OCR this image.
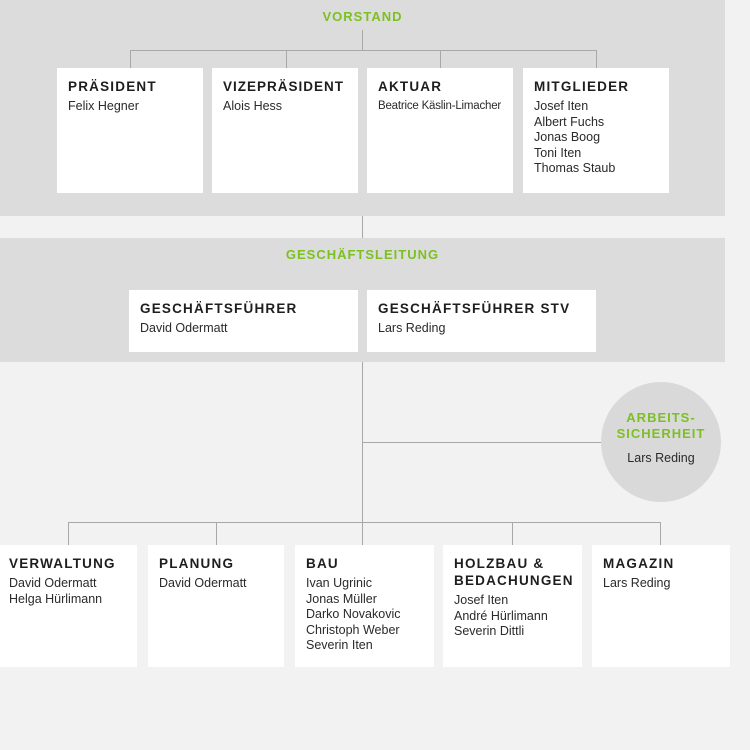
VORSTAND
GESCHÄFTSLEITUNG
PRÄSIDENT
Felix Hegner
VIZEPRÄSIDENT
Alois Hess
AKTUAR
Beatrice Käslin-Limacher
MITGLIEDER
Josef Iten
Albert Fuchs
Jonas Boog
Toni Iten
Thomas Staub
GESCHÄFTSFÜHRER
David Odermatt
GESCHÄFTSFÜHRER STV
Lars Reding
ARBEITS-
SICHERHEIT
Lars Reding
VERWALTUNG
David Odermatt
Helga Hürlimann
PLANUNG
David Odermatt
BAU
Ivan Ugrinic
Jonas Müller
Darko Novakovic
Christoph Weber
Severin Iten
HOLZBAU &
BEDACHUNGEN
Josef Iten
André Hürlimann
Severin Dittli
MAGAZIN
Lars Reding
